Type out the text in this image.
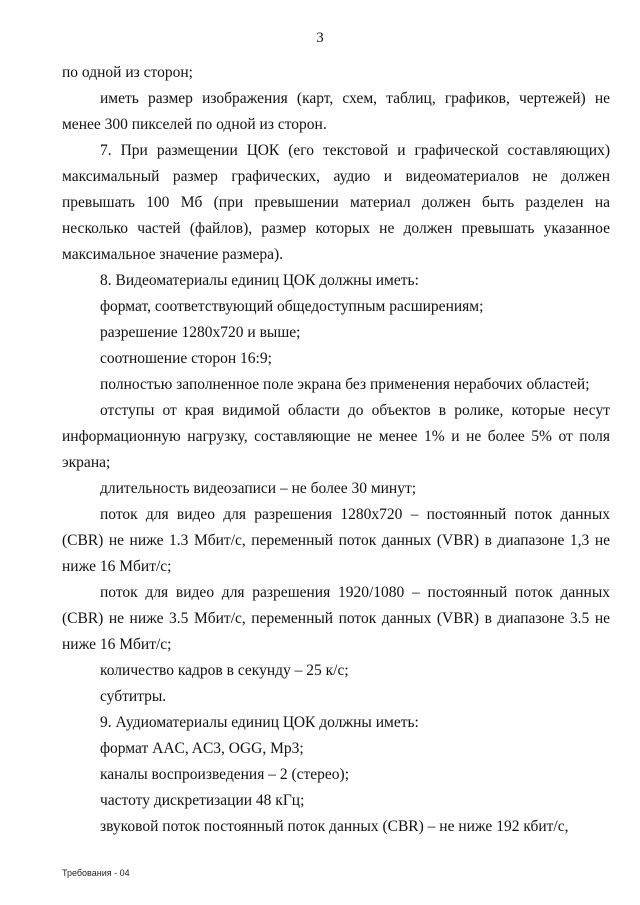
3

по одной из сторон;

иметь размер изображения (карт, схем, таблиц, графиков, чертежей) не менее 300 пикселей по одной из сторон.

7. При размещении ЦОК (его текстовой и графической составляющих) максимальный размер графических, аудио и видеоматериалов не должен превышать 100 Мб (при превышении материал должен быть разделен на несколько частей (файлов), размер которых не должен превышать указанное максимальное значение размера).

8. Видеоматериалы единиц ЦОК должны иметь:

формат, соответствующий общедоступным расширениям;

разрешение 1280x720 и выше;

соотношение сторон 16:9;

полностью заполненное поле экрана без применения нерабочих областей;

отступы от края видимой области до объектов в ролике, которые несут информационную нагрузку, составляющие не менее 1% и не более 5% от поля экрана;

длительность видеозаписи – не более 30 минут;

поток для видео для разрешения 1280x720 – постоянный поток данных (CBR) не ниже 1.3 Мбит/с, переменный поток данных (VBR) в диапазоне 1,3 не ниже 16 Мбит/с;

поток для видео для разрешения 1920/1080 – постоянный поток данных (CBR) не ниже 3.5 Мбит/с, переменный поток данных (VBR) в диапазоне 3.5 не ниже 16 Мбит/с;

количество кадров в секунду – 25 к/с;

субтитры.

9. Аудиоматериалы единиц ЦОК должны иметь:

формат AAC, AC3, OGG, Mp3;

каналы воспроизведения – 2 (стерео);

частоту дискретизации 48 кГц;

звуковой поток постоянный поток данных (CBR) – не ниже 192 кбит/с,

Требования - 04
